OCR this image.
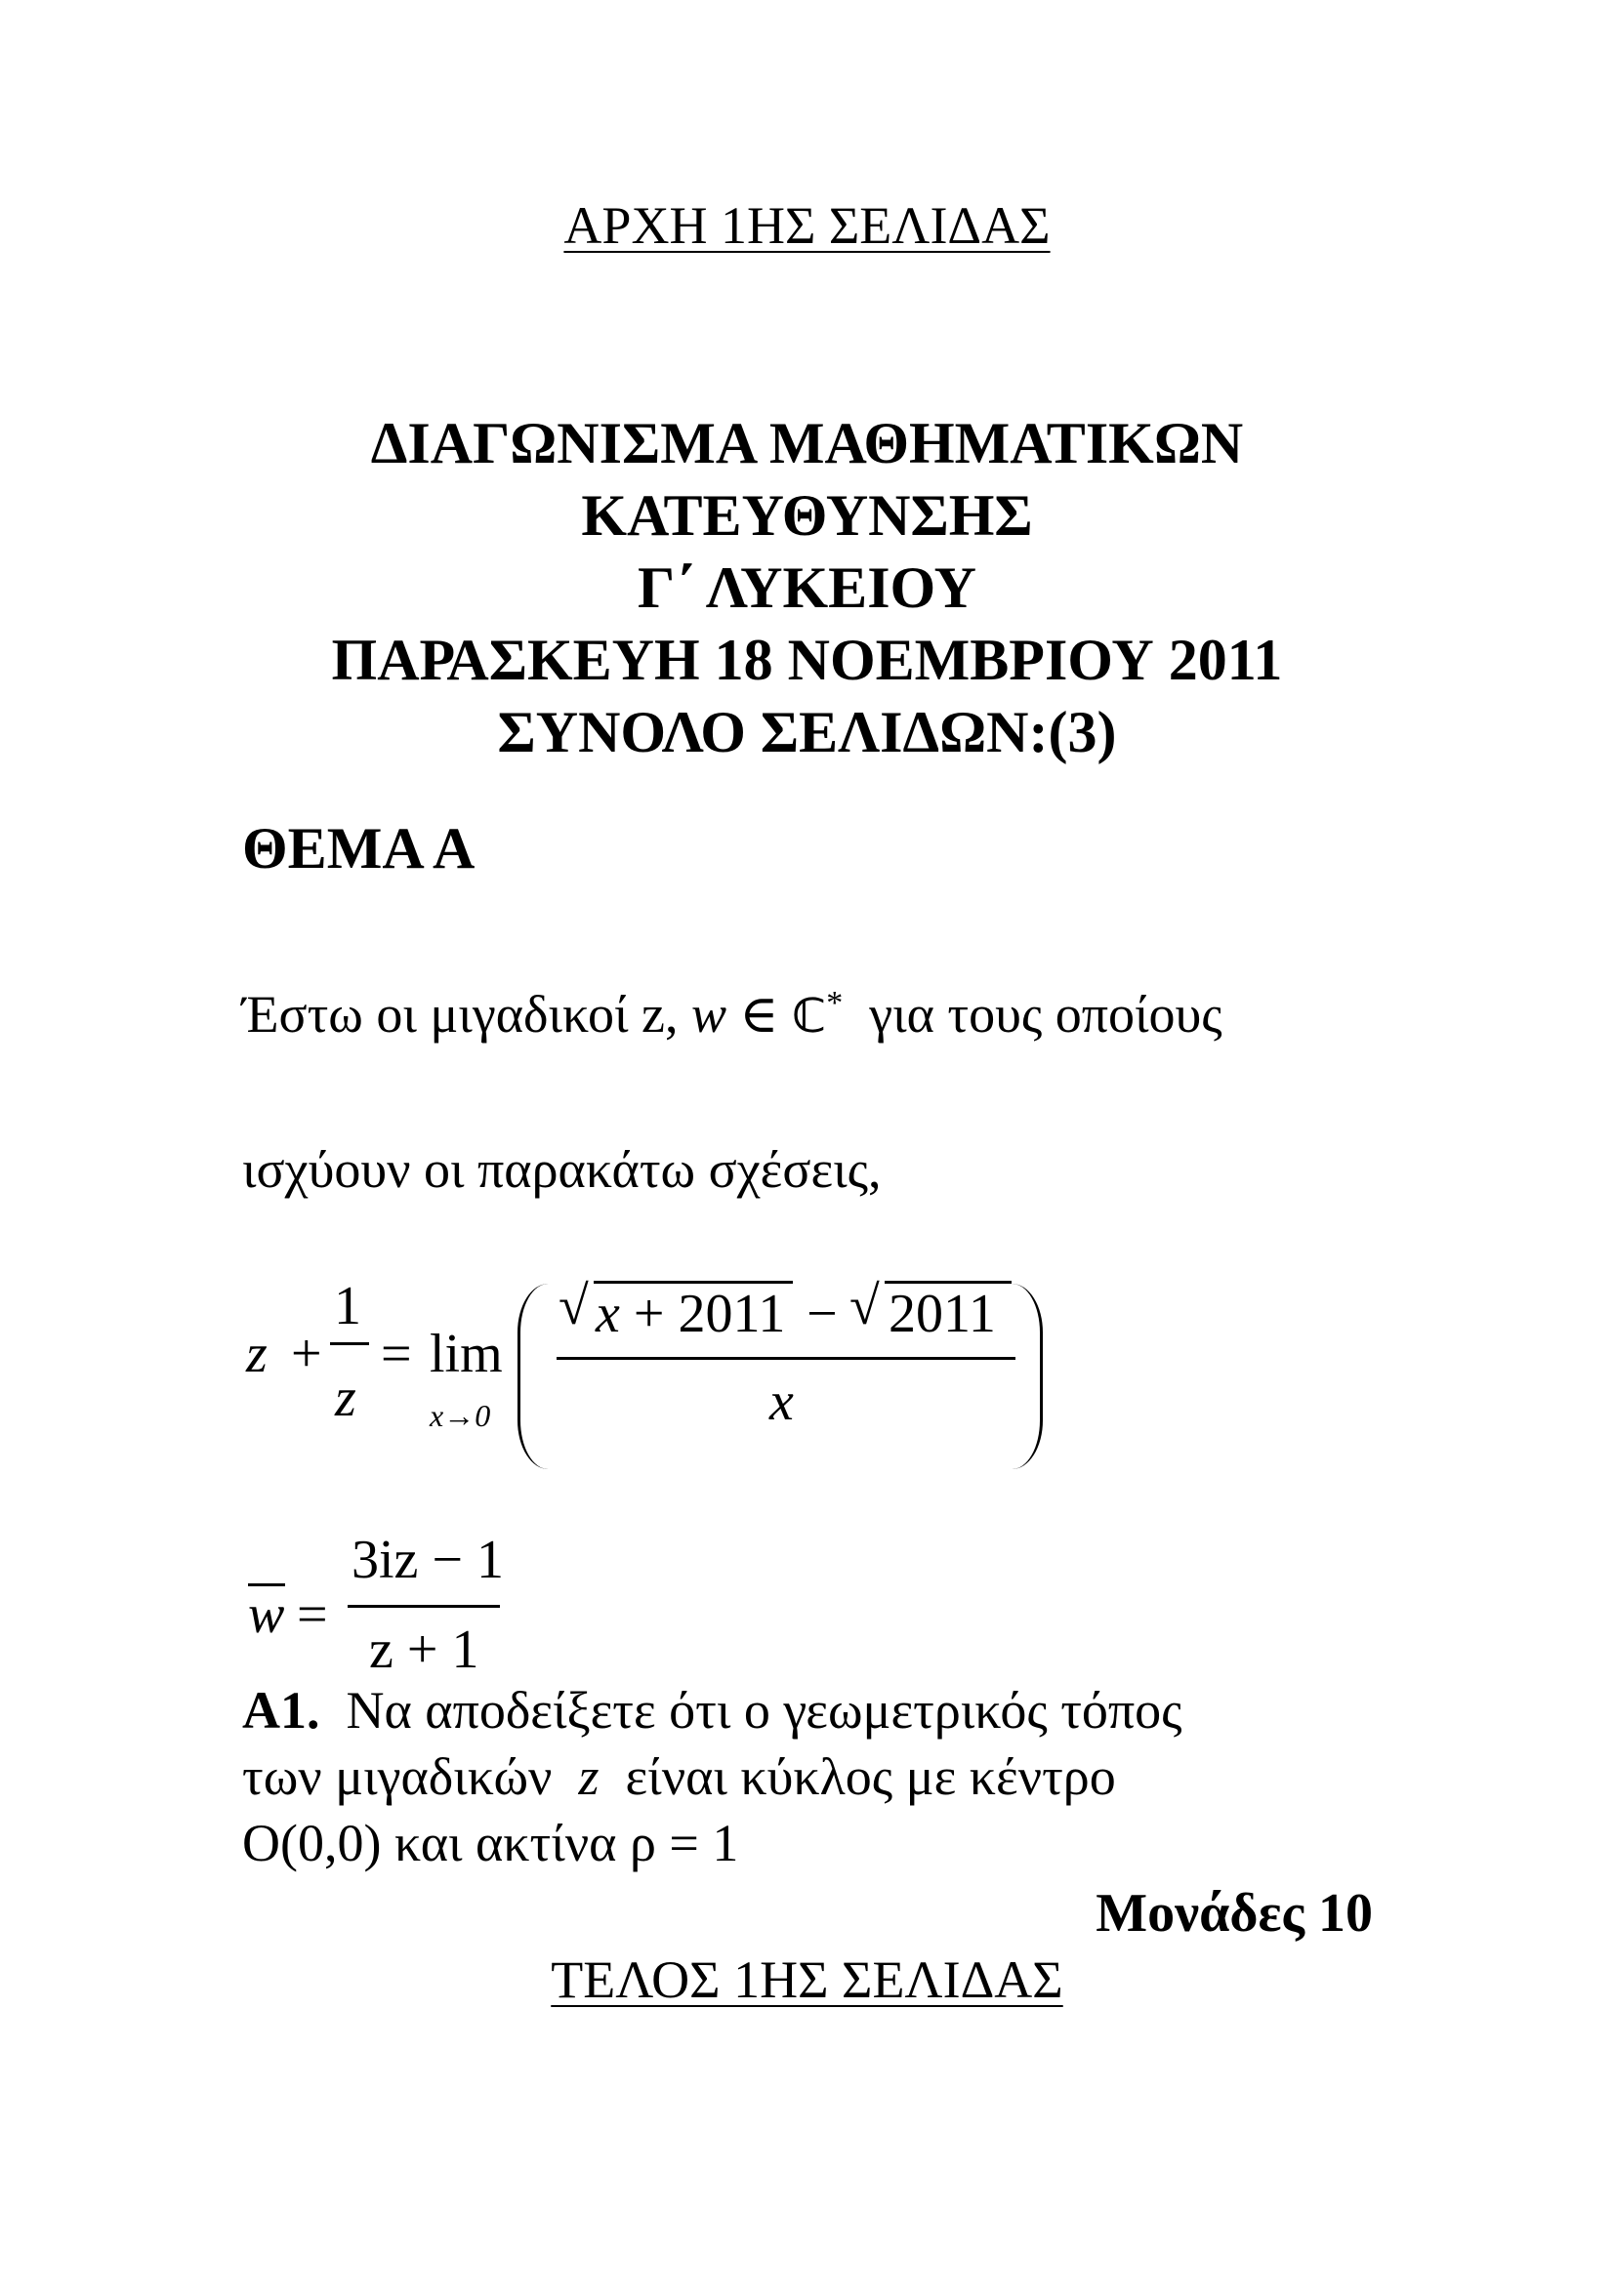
ΑΡΧΗ 1ΗΣ ΣΕΛΙΔΑΣ
ΔΙΑΓΩΝΙΣΜΑ ΜΑΘΗΜΑΤΙΚΩΝ
ΚΑΤΕΥΘΥΝΣΗΣ
Γ΄ ΛΥΚΕΙΟΥ
ΠΑΡΑΣΚΕΥΗ 18 ΝΟΕΜΒΡΙΟΥ 2011
ΣΥΝΟΛΟ ΣΕΛΙΔΩΝ:(3)
ΘΕΜΑ Α
Έστω οι μιγαδικοί z, w ∈ ℂ* για τους οποίους
ισχύουν οι παρακάτω σχέσεις,
z +
1
z
= lim
x→0
√ x + 2011 − √ 2011
x
w =
3iz − 1
z + 1
Α1. Να αποδείξετε ότι ο γεωμετρικός τόπος
των μιγαδικών z είναι κύκλος με κέντρο
O(0,0) και ακτίνα ρ = 1
Μονάδες 10
ΤΕΛΟΣ 1ΗΣ ΣΕΛΙΔΑΣ
